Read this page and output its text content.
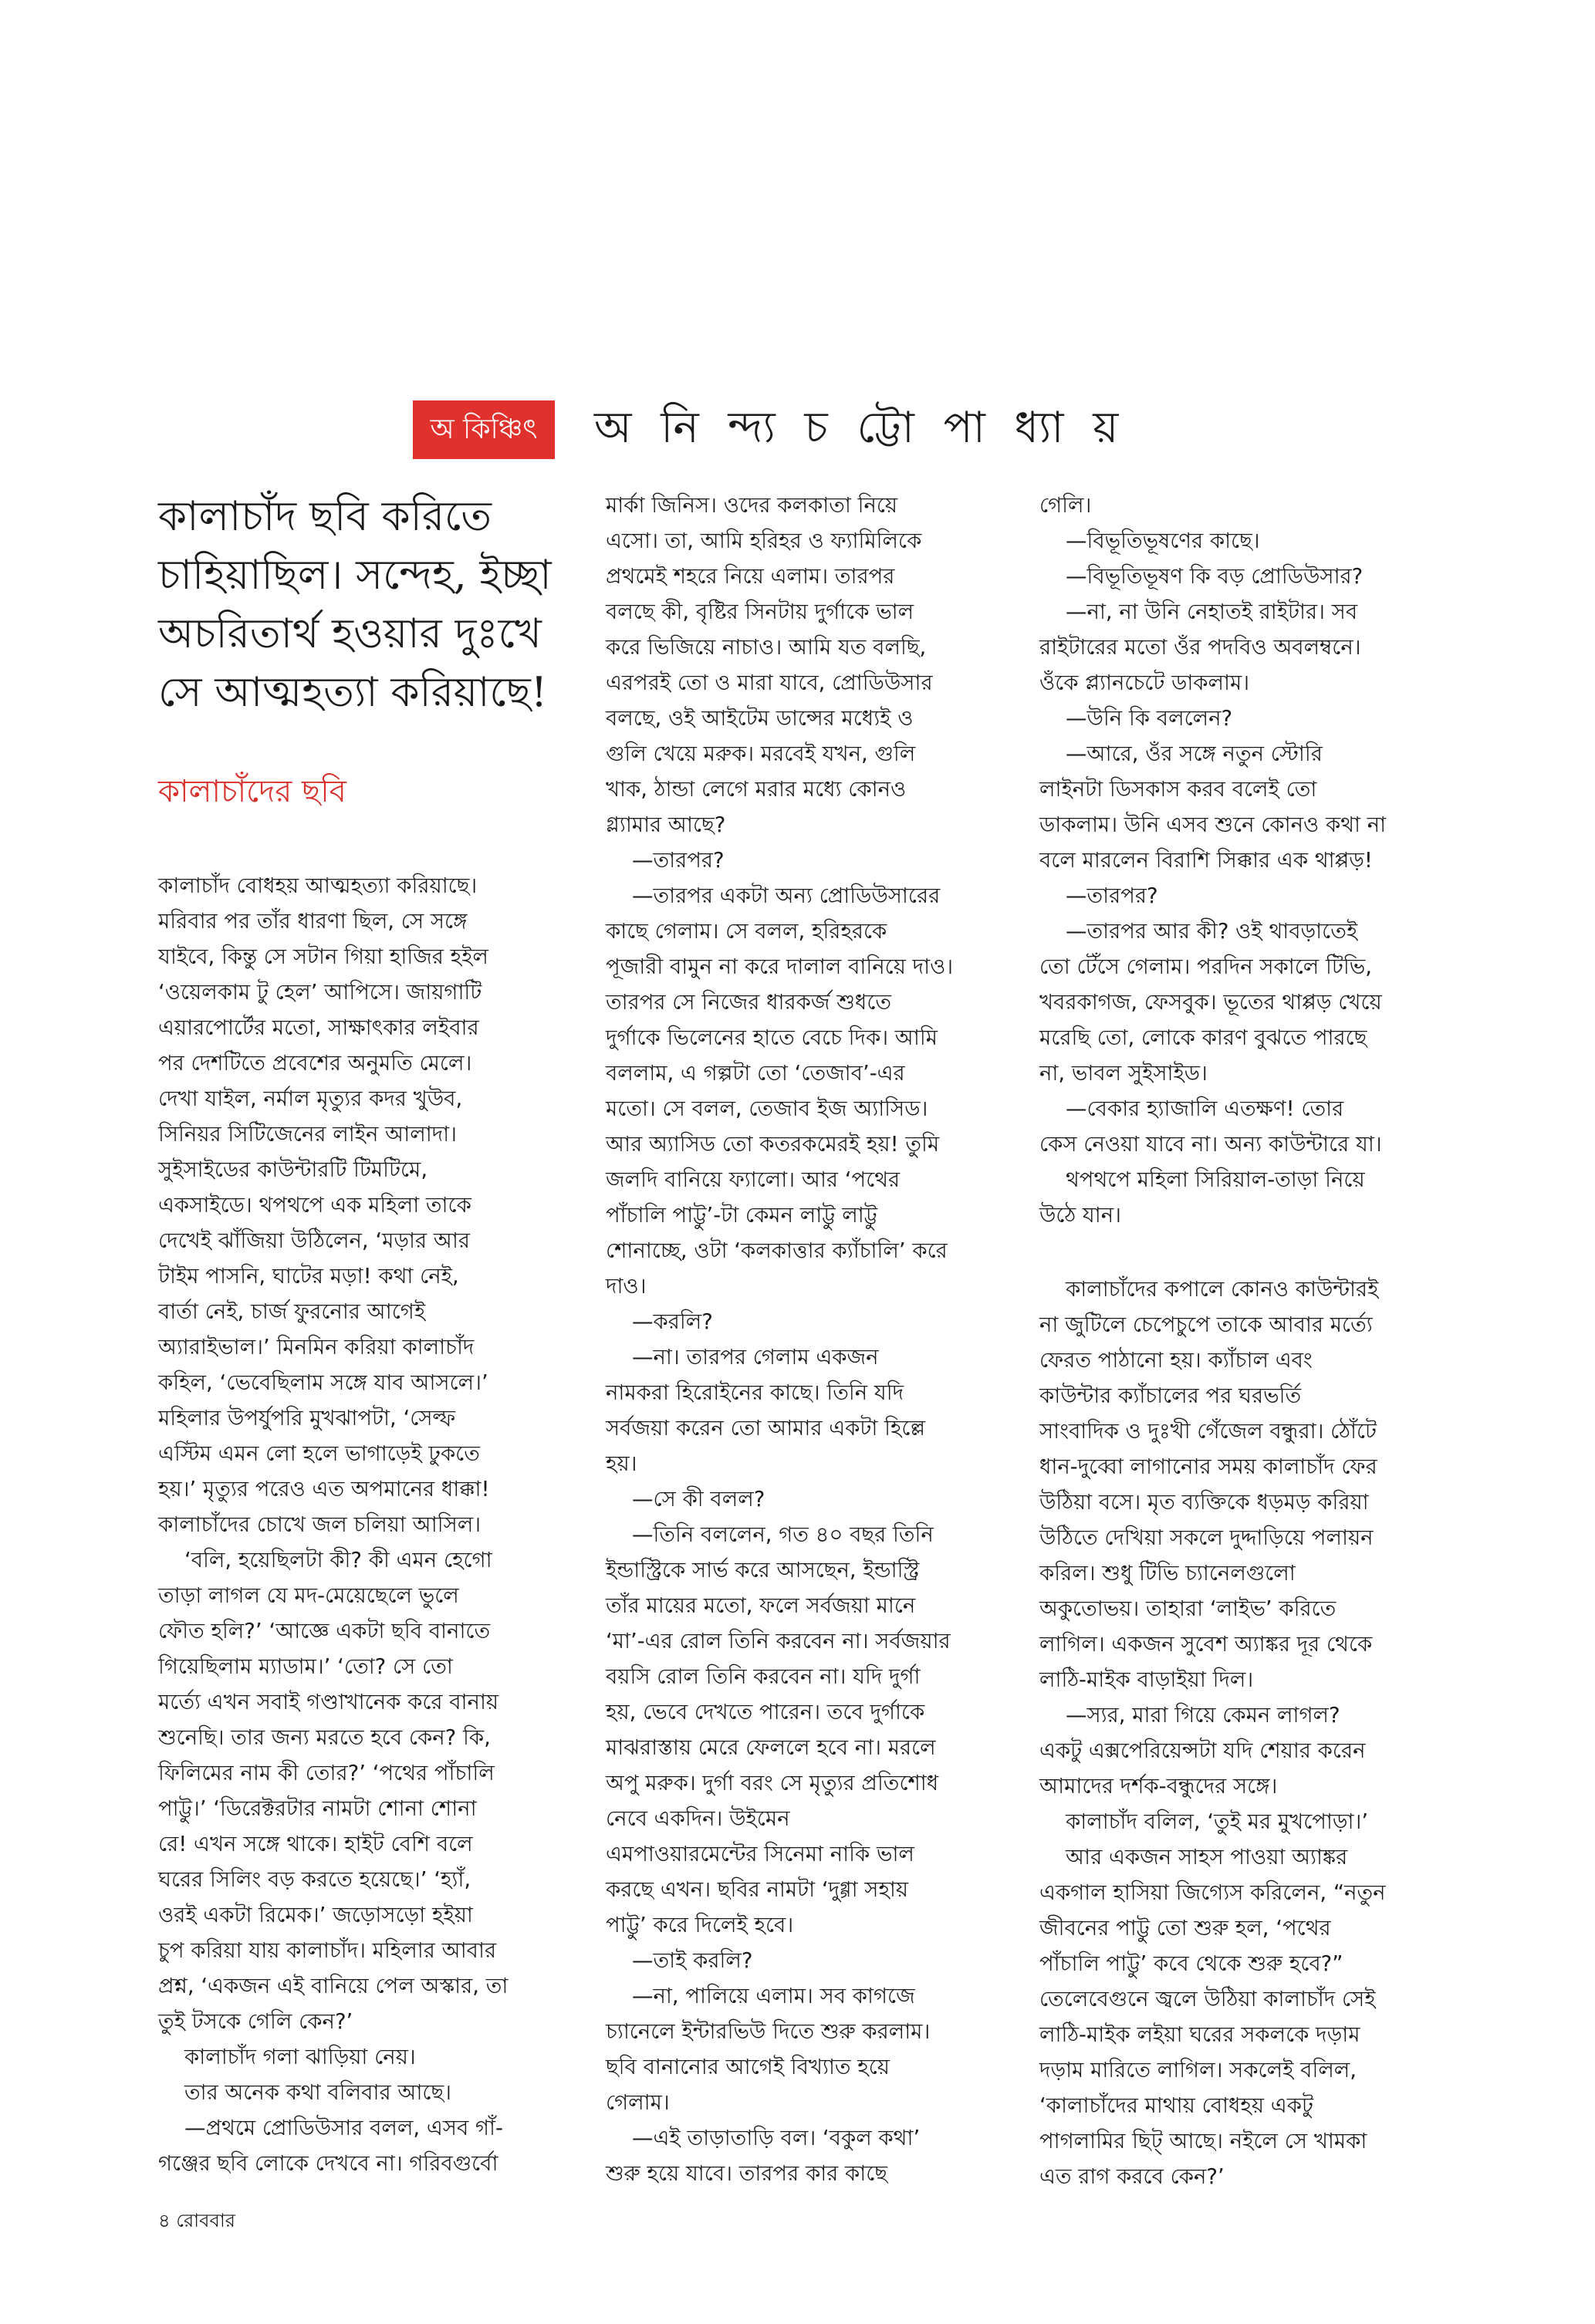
অ কিঞ্চিৎ	অ নি ন্দ্য চ ট্টো পা ধ্যা য়
কালাচাঁদ ছবি করিতে চাহিয়াছিল। সন্দেহ, ইচ্ছা অচরিতার্থ হওয়ার দুঃখে সে আত্মহত্যা করিয়াছে!
কালাচাঁদের ছবি

কালাচাঁদ বোধহয় আত্মহত্যা করিয়াছে।

মরিবার পর তাঁর ধারণা ছিল, সে সঙ্গে

যাইবে, কিন্তু সে সটান গিয়া হাজির হইল

‘ওয়েলকাম টু হেল’ আপিসে। জায়গাটি

এয়ারপোর্টের মতো, সাক্ষাৎকার লইবার

পর দেশটিতে প্রবেশের অনুমতি মেলে।

দেখা যাইল, নর্মাল মৃত্যুর কদর খুউব,

সিনিয়র সিটিজেনের লাইন আলাদা।

সুইসাইডের কাউন্টারটি টিমটিমে,

একসাইডে। থপথপে এক মহিলা তাকে

দেখেই ঝাঁজিয়া উঠিলেন, ‘মড়ার আর

টাইম পাসনি, ঘাটের মড়া! কথা নেই,

বার্তা নেই, চার্জ ফুরনোর আগেই

অ্যারাইভাল।’ মিনমিন করিয়া কালাচাঁদ

কহিল, ‘ভেবেছিলাম সঙ্গে যাব আসলে।’

মহিলার উপর্যুপরি মুখঝাপটা, ‘সেল্ফ

এস্টিম এমন লো হলে ভাগাড়েই ঢুকতে

হয়।’ মৃত্যুর পরেও এত অপমানের ধাক্কা!

কালাচাঁদের চোখে জল চলিয়া আসিল।

‘বলি, হয়েছিলটা কী? কী এমন হেগো

তাড়া লাগল যে মদ-মেয়েছেলে ভুলে

ফৌত হলি?’ ‘আজ্ঞে একটা ছবি বানাতে

গিয়েছিলাম ম্যাডাম।’ ‘তো? সে তো

মর্ত্যে এখন সবাই গণ্ডাখানেক করে বানায়

শুনেছি। তার জন্য মরতে হবে কেন? কি,

ফিলিমের নাম কী তোর?’ ‘পথের পাঁচালি

পাট্টু।’ ‘ডিরেক্টরটার নামটা শোনা শোনা

রে! এখন সঙ্গে থাকে। হাইট বেশি বলে

ঘরের সিলিং বড় করতে হয়েছে।’ ‘হ্যাঁ,

ওরই একটা রিমেক।’ জড়োসড়ো হইয়া

চুপ করিয়া যায় কালাচাঁদ। মহিলার আবার

প্রশ্ন, ‘একজন এই বানিয়ে পেল অস্কার, তা

তুই টসকে গেলি কেন?’

কালাচাঁদ গলা ঝাড়িয়া নেয়।

তার অনেক কথা বলিবার আছে।

—প্রথমে প্রোডিউসার বলল, এসব গাঁ-

গঞ্জের ছবি লোকে দেখবে না। গরিবগুর্বো

মার্কা জিনিস। ওদের কলকাতা নিয়ে

এসো। তা, আমি হরিহর ও ফ্যামিলিকে

প্রথমেই শহরে নিয়ে এলাম। তারপর

বলছে কী, বৃষ্টির সিনটায় দুর্গাকে ভাল

করে ভিজিয়ে নাচাও। আমি যত বলছি,

এরপরই তো ও মারা যাবে, প্রোডিউসার

বলছে, ওই আইটেম ডান্সের মধ্যেই ও

গুলি খেয়ে মরুক। মরবেই যখন, গুলি

খাক, ঠান্ডা লেগে মরার মধ্যে কোনও

গ্ল্যামার আছে?

—তারপর?

—তারপর একটা অন্য প্রোডিউসারের

কাছে গেলাম। সে বলল, হরিহরকে

পূজারী বামুন না করে দালাল বানিয়ে দাও।

তারপর সে নিজের ধারকর্জ শুধতে

দুর্গাকে ভিলেনের হাতে বেচে দিক। আমি

বললাম, এ গল্পটা তো ‘তেজাব’-এর

মতো। সে বলল, তেজাব ইজ অ্যাসিড।

আর অ্যাসিড তো কতরকমেরই হয়! তুমি

জলদি বানিয়ে ফ্যালো। আর ‘পথের

পাঁচালি পাট্টু’-টা কেমন লাট্টু লাট্টু

শোনাচ্ছে, ওটা ‘কলকাত্তার ক্যাঁচালি’ করে

দাও।

—করলি?

—না। তারপর গেলাম একজন

নামকরা হিরোইনের কাছে। তিনি যদি

সর্বজয়া করেন তো আমার একটা হিল্লে

হয়।

—সে কী বলল?

—তিনি বললেন, গত ৪০ বছর তিনি

ইন্ডাস্ট্রিকে সার্ভ করে আসছেন, ইন্ডাস্ট্রি

তাঁর মায়ের মতো, ফলে সর্বজয়া মানে

‘মা’-এর রোল তিনি করবেন না। সর্বজয়ার

বয়সি রোল তিনি করবেন না। যদি দুর্গা

হয়, ভেবে দেখতে পারেন। তবে দুর্গাকে

মাঝরাস্তায় মেরে ফেললে হবে না। মরলে

অপু মরুক। দুর্গা বরং সে মৃত্যুর প্রতিশোধ

নেবে একদিন। উইমেন

এমপাওয়ারমেন্টের সিনেমা নাকি ভাল

করছে এখন। ছবির নামটা ‘দুগ্গা সহায়

পাট্টু’ করে দিলেই হবে।

—তাই করলি?

—না, পালিয়ে এলাম। সব কাগজে

চ্যানেলে ইন্টারভিউ দিতে শুরু করলাম।

ছবি বানানোর আগেই বিখ্যাত হয়ে

গেলাম।

—এই তাড়াতাড়ি বল। ‘বকুল কথা’

শুরু হয়ে যাবে। তারপর কার কাছে

গেলি।

—বিভূতিভূষণের কাছে।

—বিভূতিভূষণ কি বড় প্রোডিউসার?

—না, না উনি নেহাতই রাইটার। সব

রাইটারের মতো ওঁর পদবিও অবলম্বনে।

ওঁকে প্ল্যানচেটে ডাকলাম।

—উনি কি বললেন?

—আরে, ওঁর সঙ্গে নতুন স্টোরি

লাইনটা ডিসকাস করব বলেই তো

ডাকলাম। উনি এসব শুনে কোনও কথা না

বলে মারলেন বিরাশি সিক্কার এক থাপ্পড়!

—তারপর?

—তারপর আর কী? ওই থাবড়াতেই

তো টেঁসে গেলাম। পরদিন সকালে টিভি,

খবরকাগজ, ফেসবুক। ভূতের থাপ্পড় খেয়ে

মরেছি তো, লোকে কারণ বুঝতে পারছে

না, ভাবল সুইসাইড।

—বেকার হ্যাজালি এতক্ষণ! তোর

কেস নেওয়া যাবে না। অন্য কাউন্টারে যা।

থপথপে মহিলা সিরিয়াল-তাড়া নিয়ে

উঠে যান।

কালাচাঁদের কপালে কোনও কাউন্টারই

না জুটিলে চেপেচুপে তাকে আবার মর্ত্যে

ফেরত পাঠানো হয়। ক্যাঁচাল এবং

কাউন্টার ক্যাঁচালের পর ঘরভর্তি

সাংবাদিক ও দুঃখী গেঁজেল বন্ধুরা। ঠোঁটে

ধান-দুব্বো লাগানোর সময় কালাচাঁদ ফের

উঠিয়া বসে। মৃত ব্যক্তিকে ধড়মড় করিয়া

উঠিতে দেখিয়া সকলে দুদ্দাড়িয়ে পলায়ন

করিল। শুধু টিভি চ্যানেলগুলো

অকুতোভয়। তাহারা ‘লাইভ’ করিতে

লাগিল। একজন সুবেশ অ্যাঙ্কর দূর থেকে

লাঠি-মাইক বাড়াইয়া দিল।

—স্যর, মারা গিয়ে কেমন লাগল?

একটু এক্সপেরিয়েন্সটা যদি শেয়ার করেন

আমাদের দর্শক-বন্ধুদের সঙ্গে।

কালাচাঁদ বলিল, ‘তুই মর মুখপোড়া।’

আর একজন সাহস পাওয়া অ্যাঙ্কর

একগাল হাসিয়া জিগ্যেস করিলেন, “নতুন

জীবনের পাট্টু তো শুরু হল, ‘পথের

পাঁচালি পাট্টু’ কবে থেকে শুরু হবে?”

তেলেবেগুনে জ্বলে উঠিয়া কালাচাঁদ সেই

লাঠি-মাইক লইয়া ঘরের সকলকে দড়াম

দড়াম মারিতে লাগিল। সকলেই বলিল,

‘কালাচাঁদের মাথায় বোধহয় একটু

পাগলামির ছিট্ আছে। নইলে সে খামকা

এত রাগ করবে কেন?’

৪ রোববার
